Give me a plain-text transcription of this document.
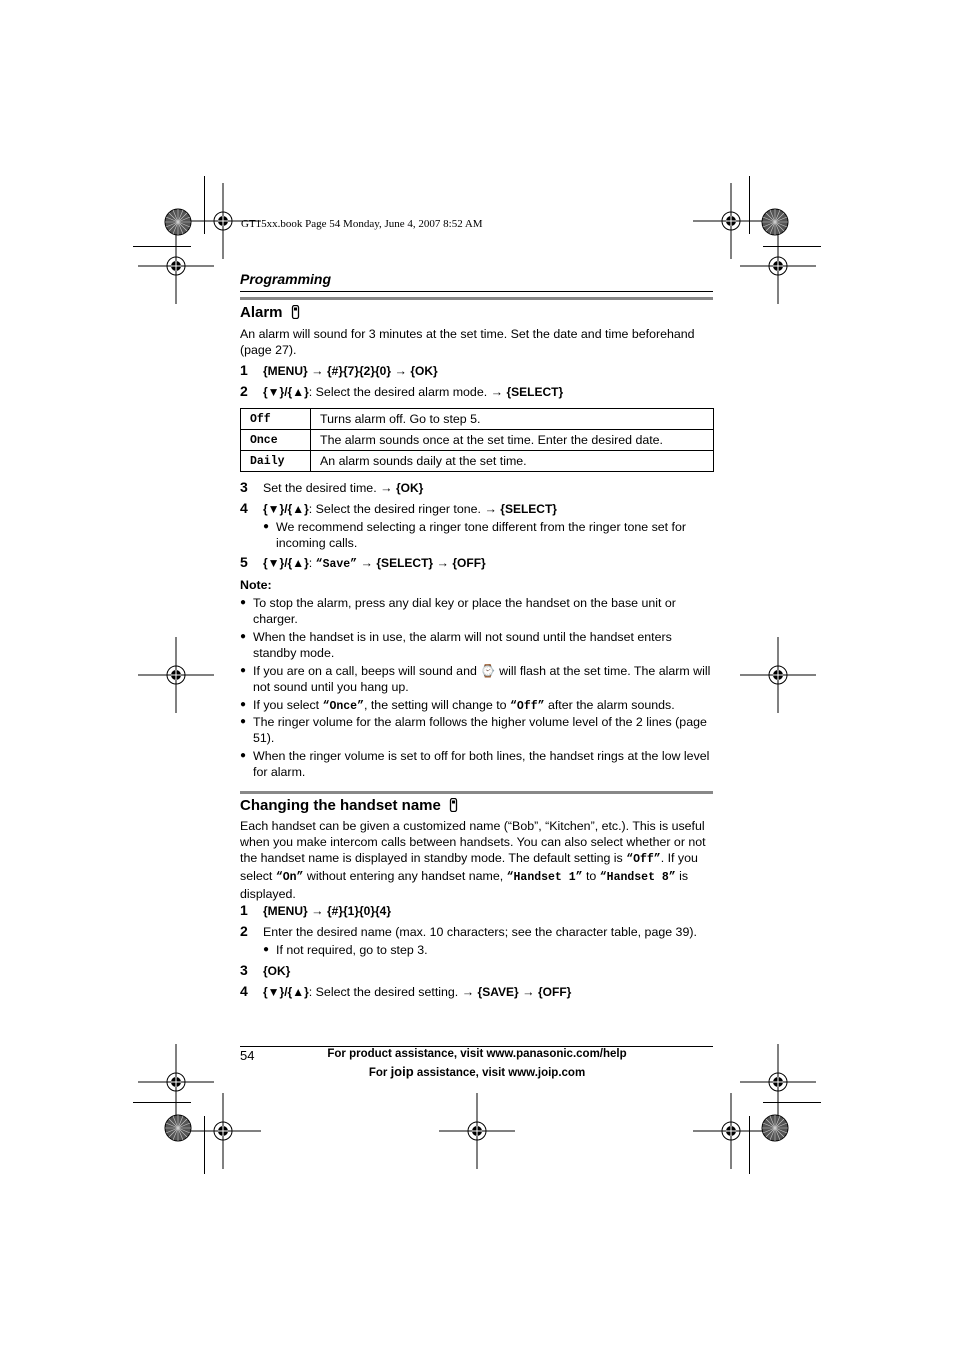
GT15xx.book Page 54 Monday, June 4, 2007 8:52 AM
Programming
Alarm
An alarm will sound for 3 minutes at the set time. Set the date and time beforehand (page 27).
1 {MENU} → {#}{7}{2}{0} → {OK}
2 {▼}/{▲}: Select the desired alarm mode. → {SELECT}
Off	Turns alarm off. Go to step 5.
Once	The alarm sounds once at the set time. Enter the desired date.
Daily	An alarm sounds daily at the set time.
3 Set the desired time. → {OK}
4 {▼}/{▲}: Select the desired ringer tone. → {SELECT}
● We recommend selecting a ringer tone different from the ringer tone set for incoming calls.
5 {▼}/{▲}: “Save” → {SELECT} → {OFF}
Note:
● To stop the alarm, press any dial key or place the handset on the base unit or charger.
● When the handset is in use, the alarm will not sound until the handset enters standby mode.
● If you are on a call, beeps will sound and ⌚ will flash at the set time. The alarm will not sound until you hang up.
● If you select “Once”, the setting will change to “Off” after the alarm sounds.
● The ringer volume for the alarm follows the higher volume level of the 2 lines (page 51).
● When the ringer volume is set to off for both lines, the handset rings at the low level for alarm.
Changing the handset name
Each handset can be given a customized name (“Bob”, “Kitchen”, etc.). This is useful when you make intercom calls between handsets. You can also select whether or not the handset name is displayed in standby mode. The default setting is “Off”. If you select “On” without entering any handset name, “Handset 1” to “Handset 8” is displayed.
1 {MENU} → {#}{1}{0}{4}
2 Enter the desired name (max. 10 characters; see the character table, page 39).
● If not required, go to step 3.
3 {OK}
4 {▼}/{▲}: Select the desired setting. → {SAVE} → {OFF}
54	For product assistance, visit www.panasonic.com/help
For joip assistance, visit www.joip.com
